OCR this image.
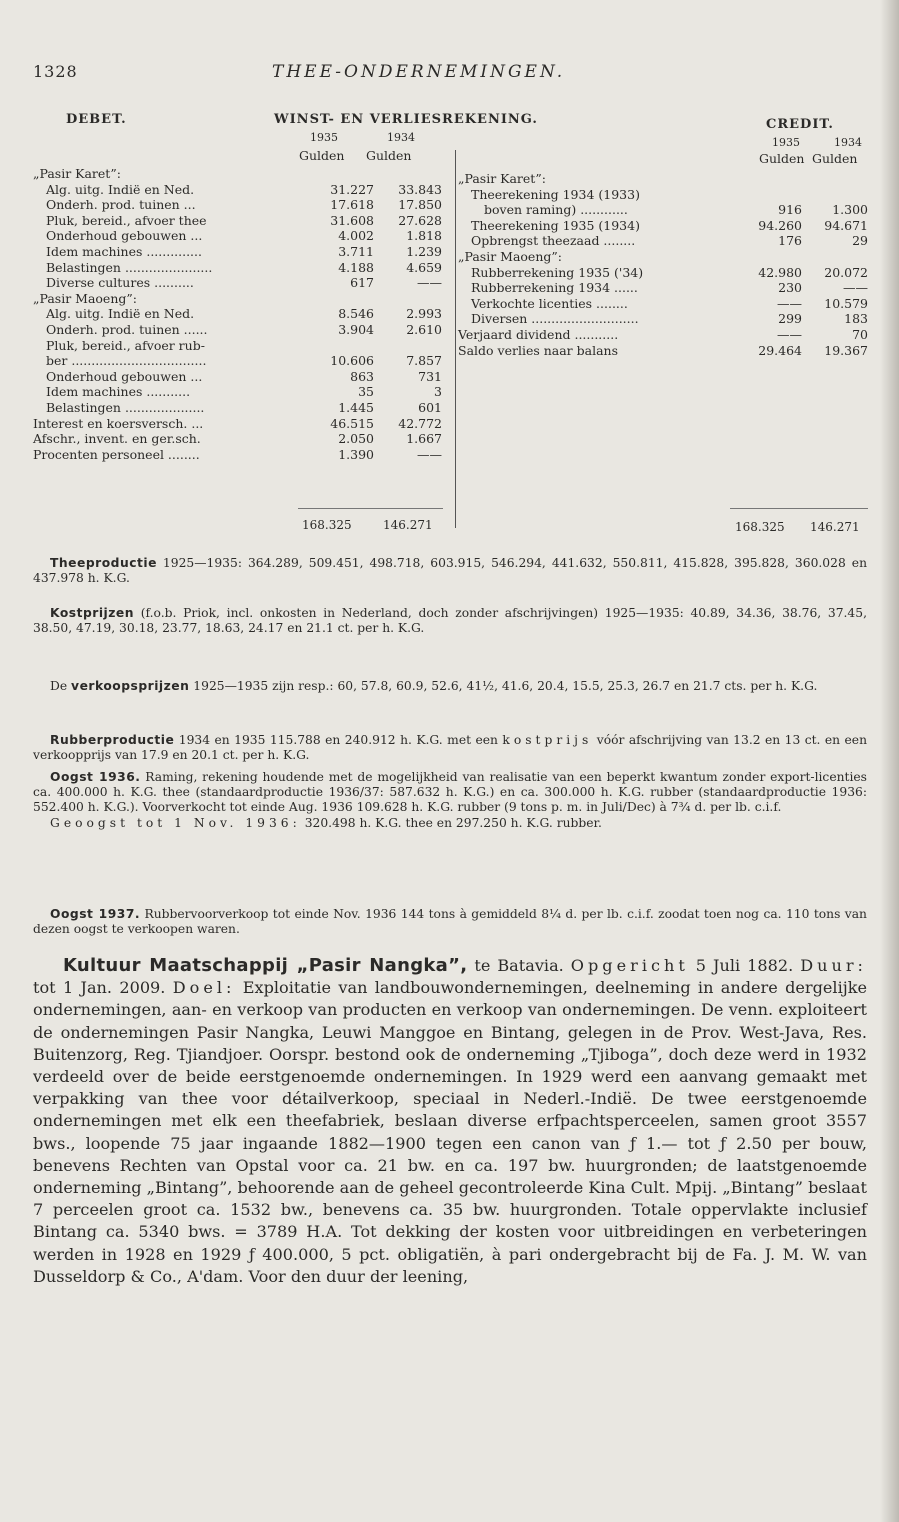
1328	THEE-ONDERNEMINGEN.
DEBET.	WINST- EN VERLIESREKENING.	CREDIT.
1935	1934
Gulden Gulden
1935	1934
Gulden Gulden
„Pasir Karet”:
Alg. uitg. Indië en Ned.	31.227 33.843
Onderh. prod. tuinen ...	17.618 17.850
Pluk, bereid., afvoer thee	31.608 27.628
Onderhoud gebouwen ...	4.002	1.818
Idem machines ..............	3.711	1.239
Belastingen ......................	4.188	4.659
Diverse cultures ..........	617	——
„Pasir Maoeng”:
Alg. uitg. Indië en Ned.	8.546	2.993
Onderh. prod. tuinen ......	3.904	2.610
Pluk, bereid., afvoer rub-
ber ..................................	10.606	7.857
Onderhoud gebouwen ...	863	731
Idem machines ...........	35	3
Belastingen ....................	1.445	601
Interest en koersversch. ...	46.515 42.772
Afschr., invent. en ger.sch.	2.050	1.667
Procenten personeel ........	1.390	——
„Pasir Karet”:
Theerekening 1934 (1933)
boven raming) ............	916 1.300
Theerekening 1935 (1934)	94.260 94.671
Opbrengst theezaad ........	176	29
„Pasir Maoeng”:
Rubberrekening 1935 ('34)	42.980 20.072
Rubberrekening 1934 ......	230	——
Verkochte licenties ........	—— 10.579
Diversen ...........................	299	183
Verjaard dividend ...........	——	70
Saldo verlies naar balans	29.464 19.367
168.325	146.271	168.325 146.271
Theeproductie 1925—1935: 364.289, 509.451, 498.718, 603.915, 546.294, 441.632, 550.811, 415.828, 395.828, 360.028 en 437.978 h. K.G.
Kostprijzen (f.o.b. Priok, incl. onkosten in Nederland, doch zonder afschrijvingen) 1925—1935: 40.89, 34.36, 38.76, 37.45, 38.50, 47.19, 30.18, 23.77, 18.63, 24.17 en 21.1 ct. per h. K.G.
De verkoopsprijzen 1925—1935 zijn resp.: 60, 57.8, 60.9, 52.6, 41½, 41.6, 20.4, 15.5, 25.3, 26.7 en 21.7 cts. per h. K.G.
Rubberproductie 1934 en 1935 115.788 en 240.912 h. K.G. met een kostprijs vóór afschrijving van 13.2 en 13 ct. en een verkoopprijs van 17.9 en 20.1 ct. per h. K.G.
Oogst 1936. Raming, rekening houdende met de mogelijkheid van realisatie van een beperkt kwantum zonder export-licenties ca. 400.000 h. K.G. thee (standaardproductie 1936/37: 587.632 h. K.G.) en ca. 300.000 h. K.G. rubber (standaardproductie 1936: 552.400 h. K.G.). Voorverkocht tot einde Aug. 1936 109.628 h. K.G. rubber (9 tons p. m. in Juli/Dec) à 7¾ d. per lb. c.i.f.
Geoogst tot 1 Nov. 1936: 320.498 h. K.G. thee en 297.250 h. K.G. rubber.
Oogst 1937. Rubbervoorverkoop tot einde Nov. 1936 144 tons à gemiddeld 8¼ d. per lb. c.i.f. zoodat toen nog ca. 110 tons van dezen oogst te verkoopen waren.
Kultuur Maatschappij „Pasir Nangka”, te Batavia. Opgericht 5 Juli 1882. Duur: tot 1 Jan. 2009. Doel: Exploitatie van landbouwondernemingen, deelneming in andere dergelijke ondernemingen, aan- en verkoop van producten en verkoop van ondernemingen. De venn. exploiteert de ondernemingen Pasir Nangka, Leuwi Manggoe en Bintang, gelegen in de Prov. West-Java, Res. Buitenzorg, Reg. Tjiandjoer. Oorspr. bestond ook de onderneming „Tjiboga”, doch deze werd in 1932 verdeeld over de beide eerstgenoemde ondernemingen. In 1929 werd een aanvang gemaakt met verpakking van thee voor détailverkoop, speciaal in Nederl.-Indië. De twee eerstgenoemde ondernemingen met elk een theefabriek, beslaan diverse erfpachtsperceelen, samen groot 3557 bws., loopende 75 jaar ingaande 1882—1900 tegen een canon van ƒ 1.— tot ƒ 2.50 per bouw, benevens Rechten van Opstal voor ca. 21 bw. en ca. 197 bw. huurgronden; de laatstgenoemde onderneming „Bintang”, behoorende aan de geheel gecontroleerde Kina Cult. Mpij. „Bintang” beslaat 7 perceelen groot ca. 1532 bw., benevens ca. 35 bw. huurgronden. Totale oppervlakte inclusief Bintang ca. 5340 bws. = 3789 H.A. Tot dekking der kosten voor uitbreidingen en verbeteringen werden in 1928 en 1929 ƒ 400.000, 5 pct. obligatiën, à pari ondergebracht bij de Fa. J. M. W. van Dusseldorp & Co., A'dam. Voor den duur der leening,
